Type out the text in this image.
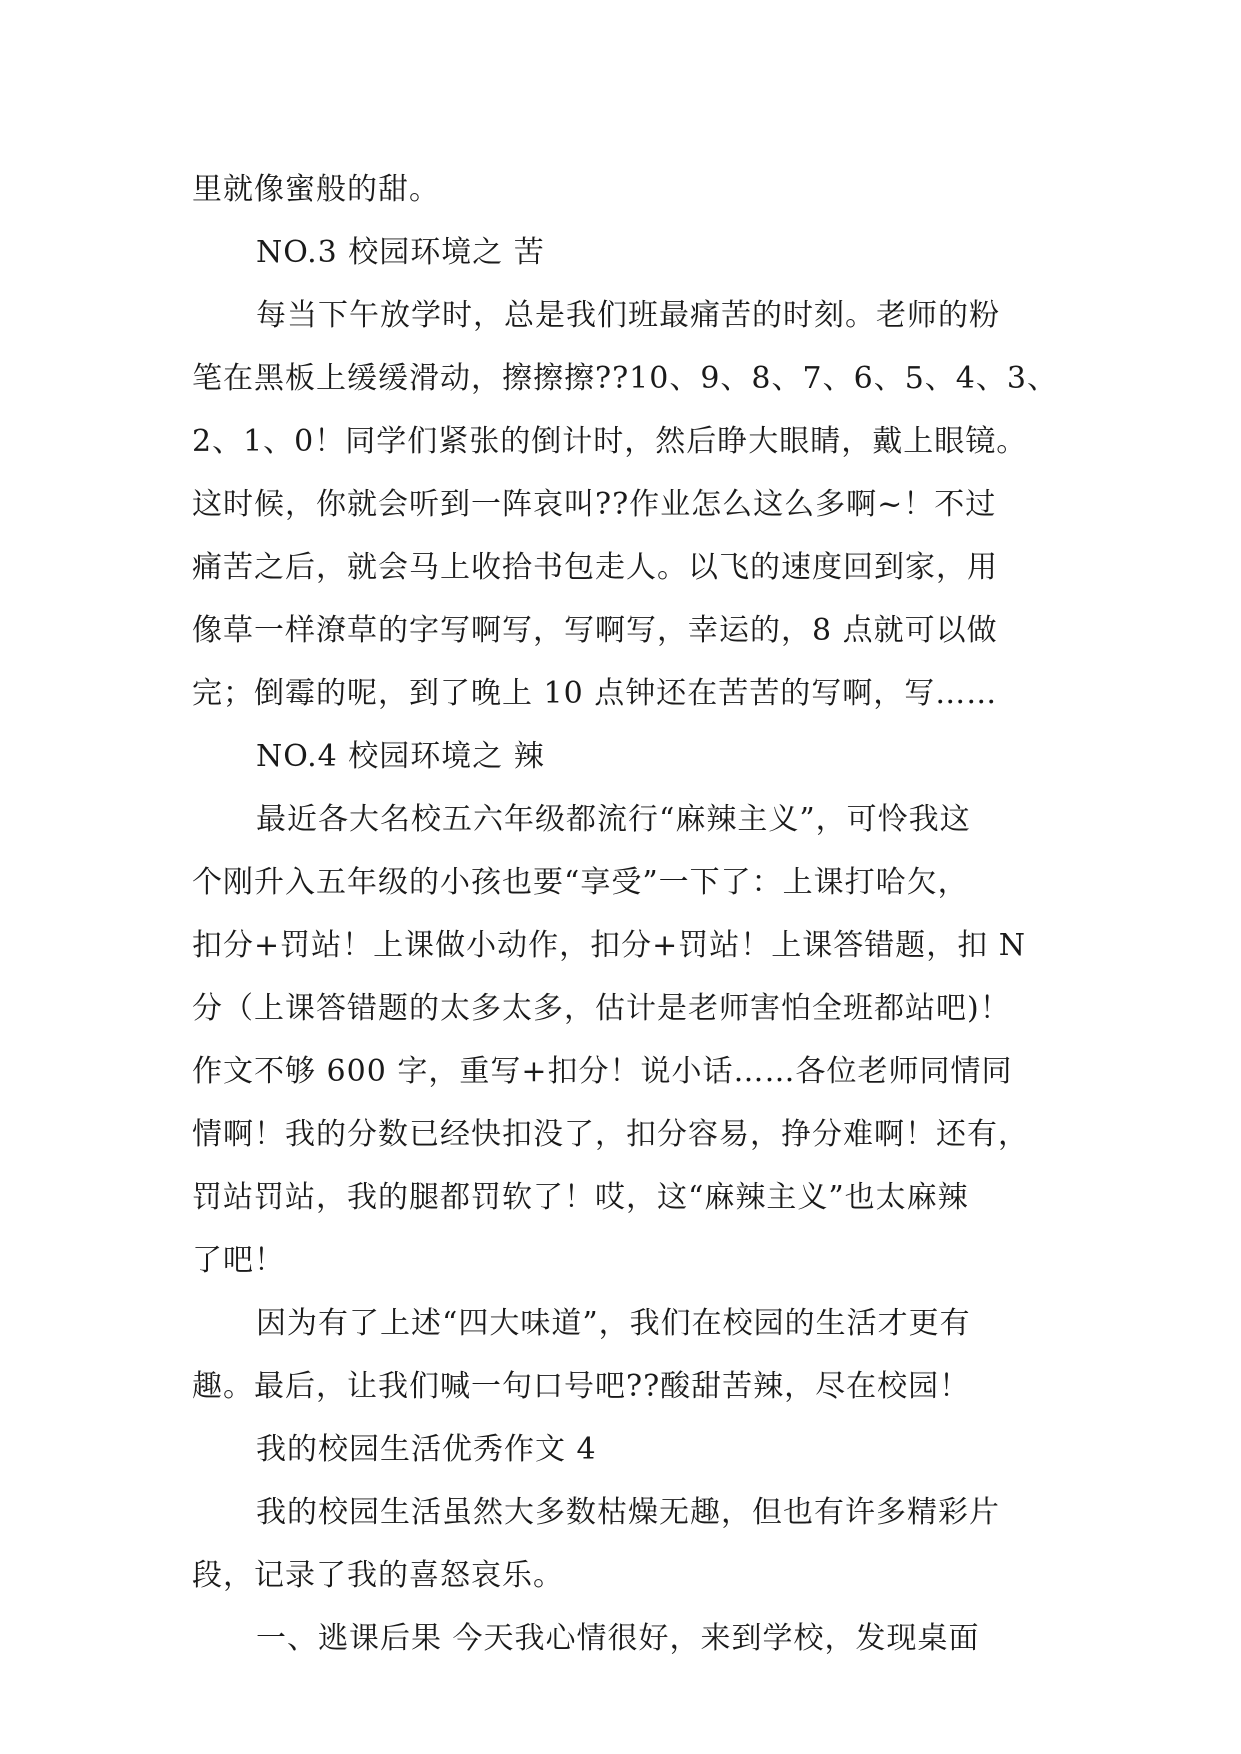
里就像蜜般的甜。
NO.3 校园环境之 苦
每当下午放学时，总是我们班最痛苦的时刻。老师的粉
笔在黑板上缓缓滑动，擦擦擦??10、9、8、7、6、5、4、3、
2、1、0！同学们紧张的倒计时，然后睁大眼睛，戴上眼镜。
这时候，你就会听到一阵哀叫??作业怎么这么多啊~！不过
痛苦之后，就会马上收拾书包走人。以飞的速度回到家，用
像草一样潦草的字写啊写，写啊写，幸运的，8 点就可以做
完；倒霉的呢，到了晚上 10 点钟还在苦苦的写啊，写……
NO.4 校园环境之 辣
最近各大名校五六年级都流行“麻辣主义”，可怜我这
个刚升入五年级的小孩也要“享受”一下了：上课打哈欠，
扣分+罚站！上课做小动作，扣分+罚站！上课答错题，扣 N
分（上课答错题的太多太多，估计是老师害怕全班都站吧)！
作文不够 600 字，重写+扣分！说小话……各位老师同情同
情啊！我的分数已经快扣没了，扣分容易，挣分难啊！还有，
罚站罚站，我的腿都罚软了！哎，这“麻辣主义”也太麻辣
了吧！
因为有了上述“四大味道”，我们在校园的生活才更有
趣。最后，让我们喊一句口号吧??酸甜苦辣，尽在校园！
我的校园生活优秀作文 4
我的校园生活虽然大多数枯燥无趣，但也有许多精彩片
段，记录了我的喜怒哀乐。
一、逃课后果 今天我心情很好，来到学校，发现桌面
